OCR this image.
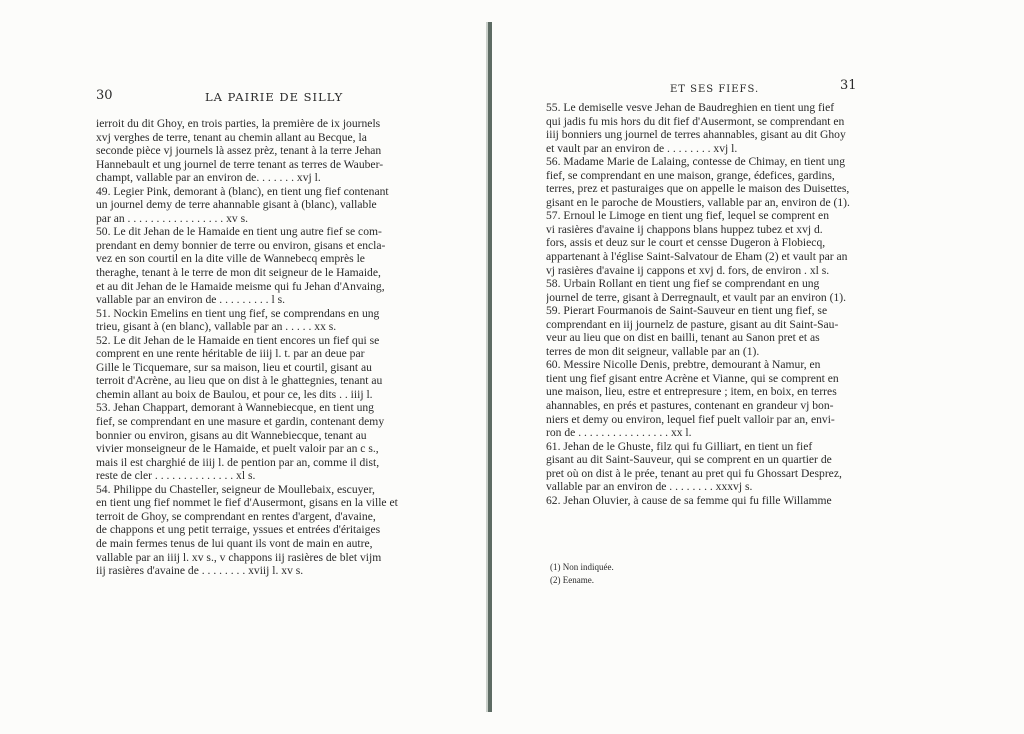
30	LA PAIRIE DE SILLY
ierroit du dit Ghoy, en trois parties, la première de ix journels
xvj verghes de terre, tenant au chemin allant au Becque, la
seconde pièce vj journels là assez prèz, tenant à la terre Jehan
Hannebault et ung journel de terre tenant as terres de Wauber-
champt, vallable par an environ de. . . . . . . xvj l.
49. Legier Pink, demorant à (blanc), en tient ung fief contenant
un journel demy de terre ahannable gisant à (blanc), vallable
par an . . . . . . . . . . . . . . . . . xv s.
50. Le dit Jehan de le Hamaide en tient ung autre fief se com-
prendant en demy bonnier de terre ou environ, gisans et encla-
vez en son courtil en la dite ville de Wannebecq emprès le
theraghe, tenant à le terre de mon dit seigneur de le Hamaide,
et au dit Jehan de le Hamaide meisme qui fu Jehan d'Anvaing,
vallable par an environ de . . . . . . . . . l s.
51. Nockin Emelins en tient ung fief, se comprendans en ung
trieu, gisant à (en blanc), vallable par an . . . . . xx s.
52. Le dit Jehan de le Hamaide en tient encores un fief qui se
comprent en une rente héritable de iiij l. t. par an deue par
Gille le Ticquemare, sur sa maison, lieu et courtil, gisant au
terroit d'Acrène, au lieu que on dist à le ghattegnies, tenant au
chemin allant au boix de Baulou, et pour ce, les dits . . iiij l.
53. Jehan Chappart, demorant à Wannebiecque, en tient ung
fief, se comprendant en une masure et gardin, contenant demy
bonnier ou environ, gisans au dit Wannebiecque, tenant au
vivier monseigneur de le Hamaide, et puelt valoir par an c s.,
mais il est charghié de iiij l. de pention par an, comme il dist,
reste de cler . . . . . . . . . . . . . . xl s.
54. Philippe du Chasteller, seigneur de Moullebaix, escuyer,
en tient ung fief nommet le fief d'Ausermont, gisans en la ville et
terroit de Ghoy, se comprendant en rentes d'argent, d'avaine,
de chappons et ung petit terraige, yssues et entrées d'éritaiges
de main fermes tenus de lui quant ils vont de main en autre,
vallable par an iiij l. xv s., v chappons iij rasières de blet vijm
iij rasières d'avaine de . . . . . . . . xviij l. xv s.
ET SES FIEFS.	31
55. Le demiselle vesve Jehan de Baudreghien en tient ung fief
qui jadis fu mis hors du dit fief d'Ausermont, se comprendant en
iiij bonniers ung journel de terres ahannables, gisant au dit Ghoy
et vault par an environ de . . . . . . . . xvj l.
56. Madame Marie de Lalaing, contesse de Chimay, en tient ung
fief, se comprendant en une maison, grange, édefices, gardins,
terres, prez et pasturaiges que on appelle le maison des Duisettes,
gisant en le paroche de Moustiers, vallable par an, environ de (1).
57. Ernoul le Limoge en tient ung fief, lequel se comprent en
vi rasières d'avaine ij chappons blans huppez tubez et xvj d.
fors, assis et deuz sur le court et censse Dugeron à Flobiecq,
appartenant à l'église Saint-Salvatour de Eham (2) et vault par an
vj rasières d'avaine ij cappons et xvj d. fors, de environ . xl s.
58. Urbain Rollant en tient ung fief se comprendant en ung
journel de terre, gisant à Derregnault, et vault par an environ (1).
59. Pierart Fourmanois de Saint-Sauveur en tient ung fief, se
comprendant en iij journelz de pasture, gisant au dit Saint-Sau-
veur au lieu que on dist en bailli, tenant au Sanon pret et as
terres de mon dit seigneur, vallable par an (1).
60. Messire Nicolle Denis, prebtre, demourant à Namur, en
tient ung fief gisant entre Acrène et Vianne, qui se comprent en
une maison, lieu, estre et entrepresure ; item, en boix, en terres
ahannables, en prés et pastures, contenant en grandeur vj bon-
niers et demy ou environ, lequel fief puelt valloir par an, envi-
ron de . . . . . . . . . . . . . . . . xx l.
61. Jehan de le Ghuste, filz qui fu Gilliart, en tient un fief
gisant au dit Saint-Sauveur, qui se comprent en un quartier de
pret où on dist à le prée, tenant au pret qui fu Ghossart Desprez,
vallable par an environ de . . . . . . . . xxxvj s.
62. Jehan Oluvier, à cause de sa femme qui fu fille Willamme
(1) Non indiquée.
(2) Eename.
